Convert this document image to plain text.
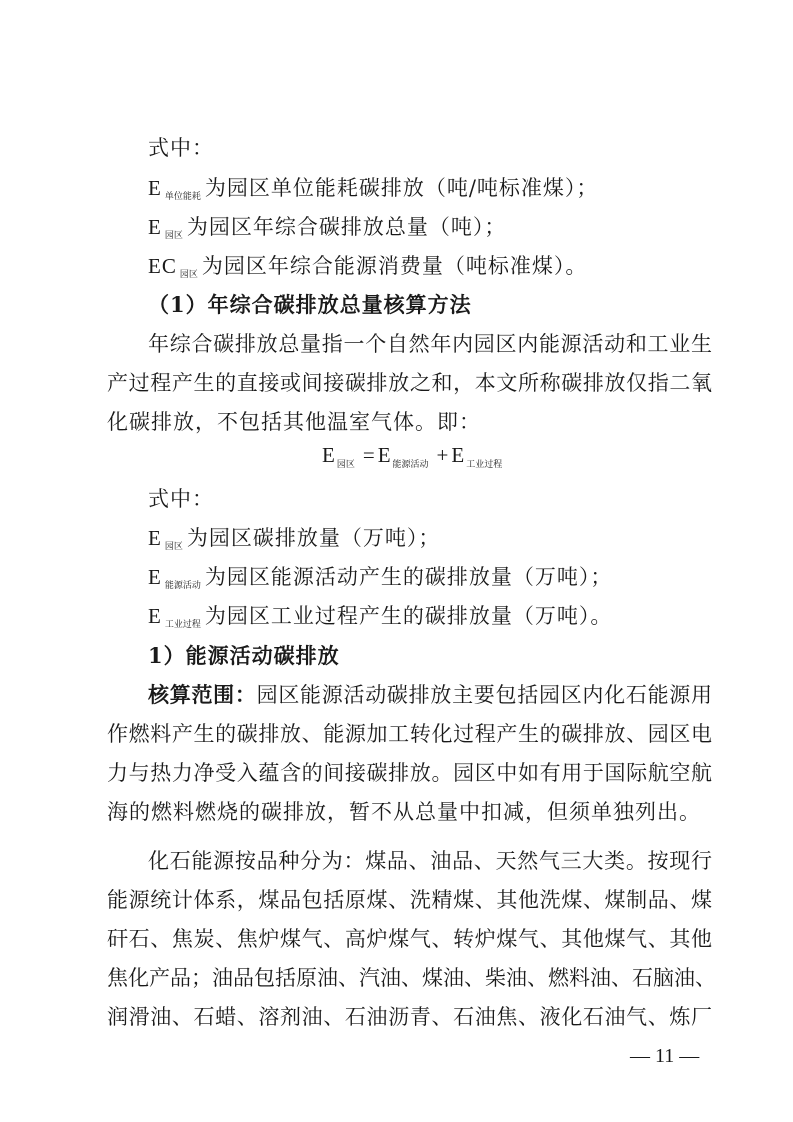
式中：
E $_{单位能耗}$ 为园区单位能耗碳排放（吨/吨标准煤）；
E $_{园区}$ 为园区年综合碳排放总量（吨）；
EC $_{园区}$ 为园区年综合能源消费量（吨标准煤）。
（1）年综合碳排放总量核算方法
年综合碳排放总量指一个自然年内园区内能源活动和工业生
产过程产生的直接或间接碳排放之和，本文所称碳排放仅指二氧
化碳排放，不包括其他温室气体。即：
E $_{园区}$ = E $_{能源活动}$ + E $_{工业过程}$
式中：
E $_{园区}$ 为园区碳排放量（万吨）；
E $_{能源活动}$ 为园区能源活动产生的碳排放量（万吨）；
E $_{工业过程}$ 为园区工业过程产生的碳排放量（万吨）。
1）能源活动碳排放
核算范围：园区能源活动碳排放主要包括园区内化石能源用
作燃料产生的碳排放、能源加工转化过程产生的碳排放、园区电
力与热力净受入蕴含的间接碳排放。园区中如有用于国际航空航
海的燃料燃烧的碳排放，暂不从总量中扣减，但须单独列出。
化石能源按品种分为：煤品、油品、天然气三大类。按现行
能源统计体系，煤品包括原煤、洗精煤、其他洗煤、煤制品、煤
矸石、焦炭、焦炉煤气、高炉煤气、转炉煤气、其他煤气、其他
焦化产品；油品包括原油、汽油、煤油、柴油、燃料油、石脑油、
润滑油、石蜡、溶剂油、石油沥青、石油焦、液化石油气、炼厂
— 11 —
